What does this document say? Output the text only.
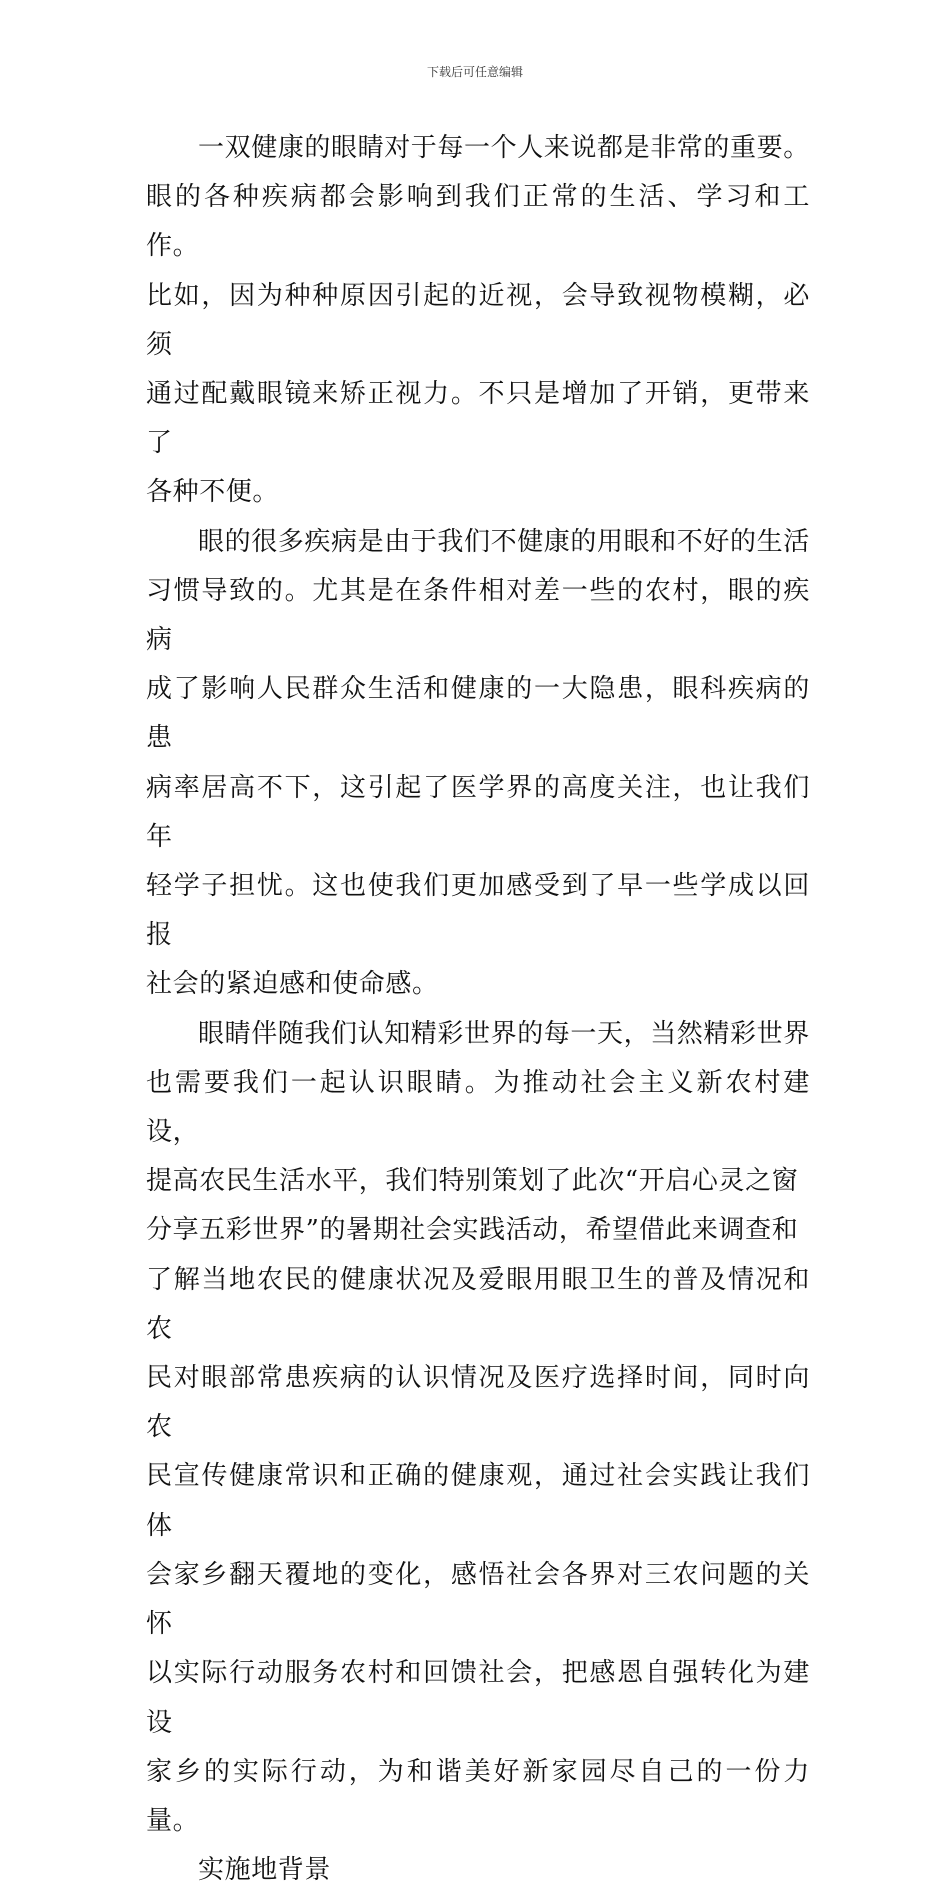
下载后可任意编辑
一双健康的眼睛对于每一个人来说都是非常的重要。
眼的各种疾病都会影响到我们正常的生活、学习和工作。
比如，因为种种原因引起的近视，会导致视物模糊，必须
通过配戴眼镜来矫正视力。不只是增加了开销，更带来了
各种不便。
眼的很多疾病是由于我们不健康的用眼和不好的生活
习惯导致的。尤其是在条件相对差一些的农村，眼的疾病
成了影响人民群众生活和健康的一大隐患，眼科疾病的患
病率居高不下，这引起了医学界的高度关注，也让我们年
轻学子担忧。这也使我们更加感受到了早一些学成以回报
社会的紧迫感和使命感。
眼睛伴随我们认知精彩世界的每一天，当然精彩世界
也需要我们一起认识眼睛。为推动社会主义新农村建设，
提高农民生活水平，我们特别策划了此次“开启心灵之窗
分享五彩世界”的暑期社会实践活动，希望借此来调查和
了解当地农民的健康状况及爱眼用眼卫生的普及情况和农
民对眼部常患疾病的认识情况及医疗选择时间，同时向农
民宣传健康常识和正确的健康观，通过社会实践让我们体
会家乡翻天覆地的变化，感悟社会各界对三农问题的关怀
以实际行动服务农村和回馈社会，把感恩自强转化为建设
家乡的实际行动，为和谐美好新家园尽自己的一份力量。
实施地背景
